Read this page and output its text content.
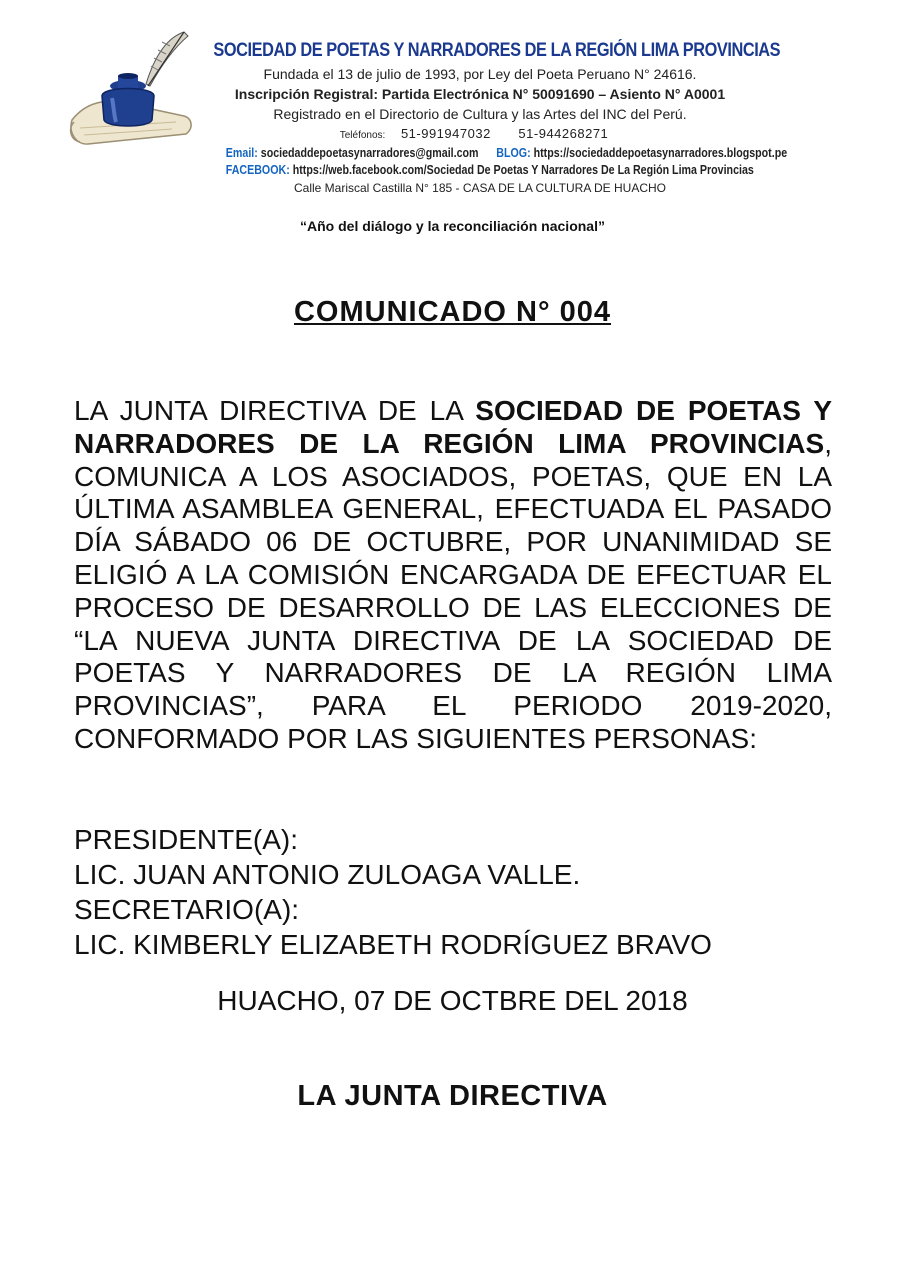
SOCIEDAD DE POETAS Y NARRADORES DE LA REGIÓN LIMA PROVINCIAS
Fundada el 13 de julio de 1993, por Ley del Poeta Peruano N° 24616.
Inscripción Registral: Partida Electrónica N° 50091690 – Asiento N° A0001
Registrado en el Directorio de Cultura y las Artes del INC del Perú.
Teléfonos: 51-991947032 51-944268271
Email: sociedaddepoetasynarradores@gmail.com BLOG: https://sociedaddepoetasynarradores.blogspot.pe
FACEBOOK: https://web.facebook.com/Sociedad De Poetas Y Narradores De La Región Lima Provincias
Calle Mariscal Castilla N° 185 - CASA DE LA CULTURA DE HUACHO
“Año del diálogo y la reconciliación nacional”
COMUNICADO N° 004
LA JUNTA DIRECTIVA DE LA SOCIEDAD DE POETAS Y NARRADORES DE LA REGIÓN LIMA PROVINCIAS, COMUNICA A LOS ASOCIADOS, POETAS, QUE EN LA ÚLTIMA ASAMBLEA GENERAL, EFECTUADA EL PASADO DÍA SÁBADO 06 DE OCTUBRE, POR UNANIMIDAD SE ELIGIÓ A LA COMISIÓN ENCARGADA DE EFECTUAR EL PROCESO DE DESARROLLO DE LAS ELECCIONES DE “LA NUEVA JUNTA DIRECTIVA DE LA SOCIEDAD DE POETAS Y NARRADORES DE LA REGIÓN LIMA PROVINCIAS”, PARA EL PERIODO 2019-2020, CONFORMADO POR LAS SIGUIENTES PERSONAS:
PRESIDENTE(A):
LIC. JUAN ANTONIO ZULOAGA VALLE.
SECRETARIO(A):
LIC. KIMBERLY ELIZABETH RODRÍGUEZ BRAVO
HUACHO, 07 DE OCTBRE DEL 2018
LA JUNTA DIRECTIVA
